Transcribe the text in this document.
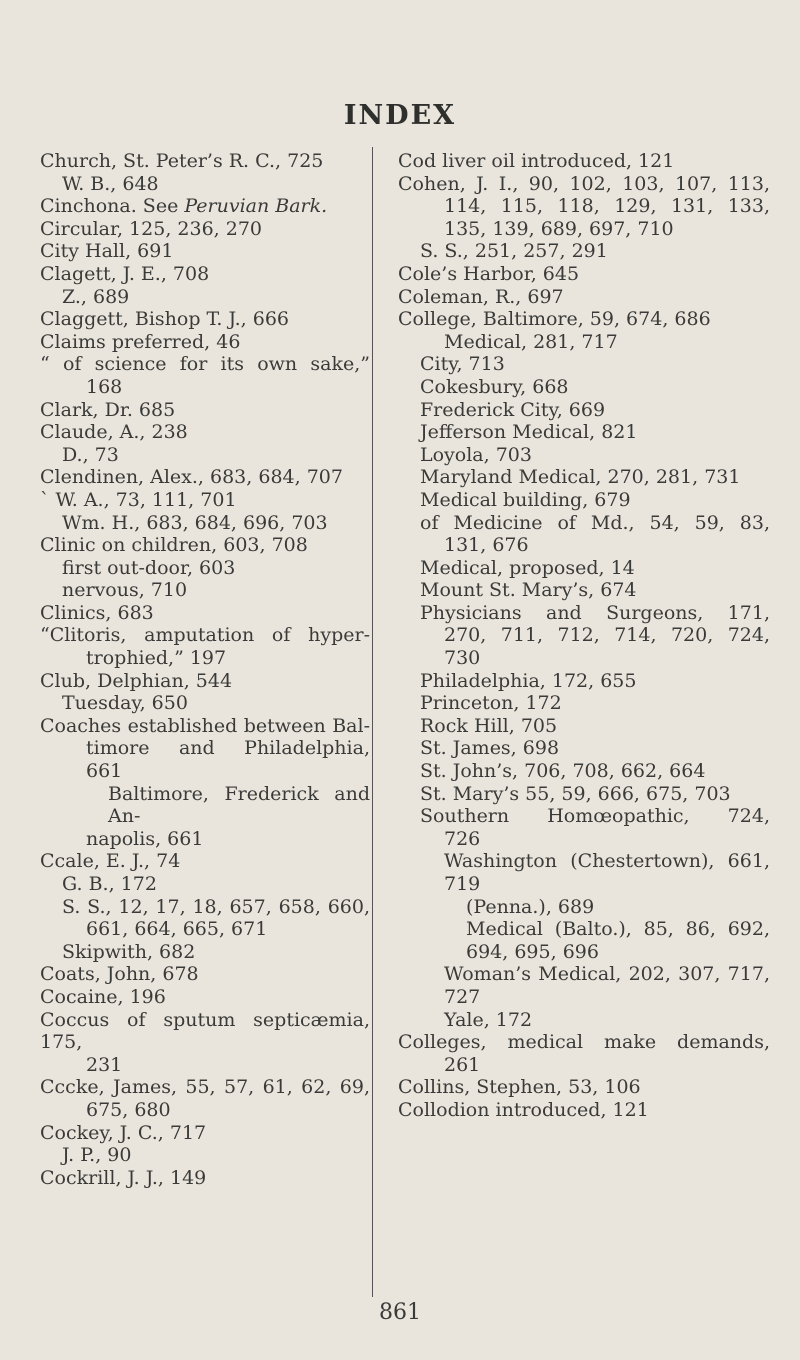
INDEX
Church, St. Peter’s R. C., 725
W. B., 648
Cinchona. See Peruvian Bark.
Circular, 125, 236, 270
City Hall, 691
Clagett, J. E., 708
Z., 689
Claggett, Bishop T. J., 666
Claims preferred, 46
“ of science for its own sake,”
168
Clark, Dr. 685
Claude, A., 238
D., 73
Clendinen, Alex., 683, 684, 707
` W. A., 73, 111, 701
Wm. H., 683, 684, 696, 703
Clinic on children, 603, 708
first out-door, 603
nervous, 710
Clinics, 683
“Clitoris, amputation of hyper-
trophied,” 197
Club, Delphian, 544
Tuesday, 650
Coaches established between Bal-
timore and Philadelphia,
661
Baltimore, Frederick and An-
napolis, 661
Ccale, E. J., 74
G. B., 172
S. S., 12, 17, 18, 657, 658, 660,
661, 664, 665, 671
Skipwith, 682
Coats, John, 678
Cocaine, 196
Coccus of sputum septicæmia, 175,
231
Cccke, James, 55, 57, 61, 62, 69,
675, 680
Cockey, J. C., 717
J. P., 90
Cockrill, J. J., 149
Cod liver oil introduced, 121
Cohen, J. I., 90, 102, 103, 107, 113,
114, 115, 118, 129, 131, 133,
135, 139, 689, 697, 710
S. S., 251, 257, 291
Cole’s Harbor, 645
Coleman, R., 697
College, Baltimore, 59, 674, 686
Medical, 281, 717
City, 713
Cokesbury, 668
Frederick City, 669
Jefferson Medical, 821
Loyola, 703
Maryland Medical, 270, 281, 731
Medical building, 679
of Medicine of Md., 54, 59, 83,
131, 676
Medical, proposed, 14
Mount St. Mary’s, 674
Physicians and Surgeons, 171,
270, 711, 712, 714, 720, 724,
730
Philadelphia, 172, 655
Princeton, 172
Rock Hill, 705
St. James, 698
St. John’s, 706, 708, 662, 664
St. Mary’s 55, 59, 666, 675, 703
Southern Homœopathic, 724,
726
Washington (Chestertown), 661,
719
(Penna.), 689
Medical (Balto.), 85, 86, 692,
694, 695, 696
Woman’s Medical, 202, 307, 717,
727
Yale, 172
Colleges, medical make demands,
261
Collins, Stephen, 53, 106
Collodion introduced, 121
861
